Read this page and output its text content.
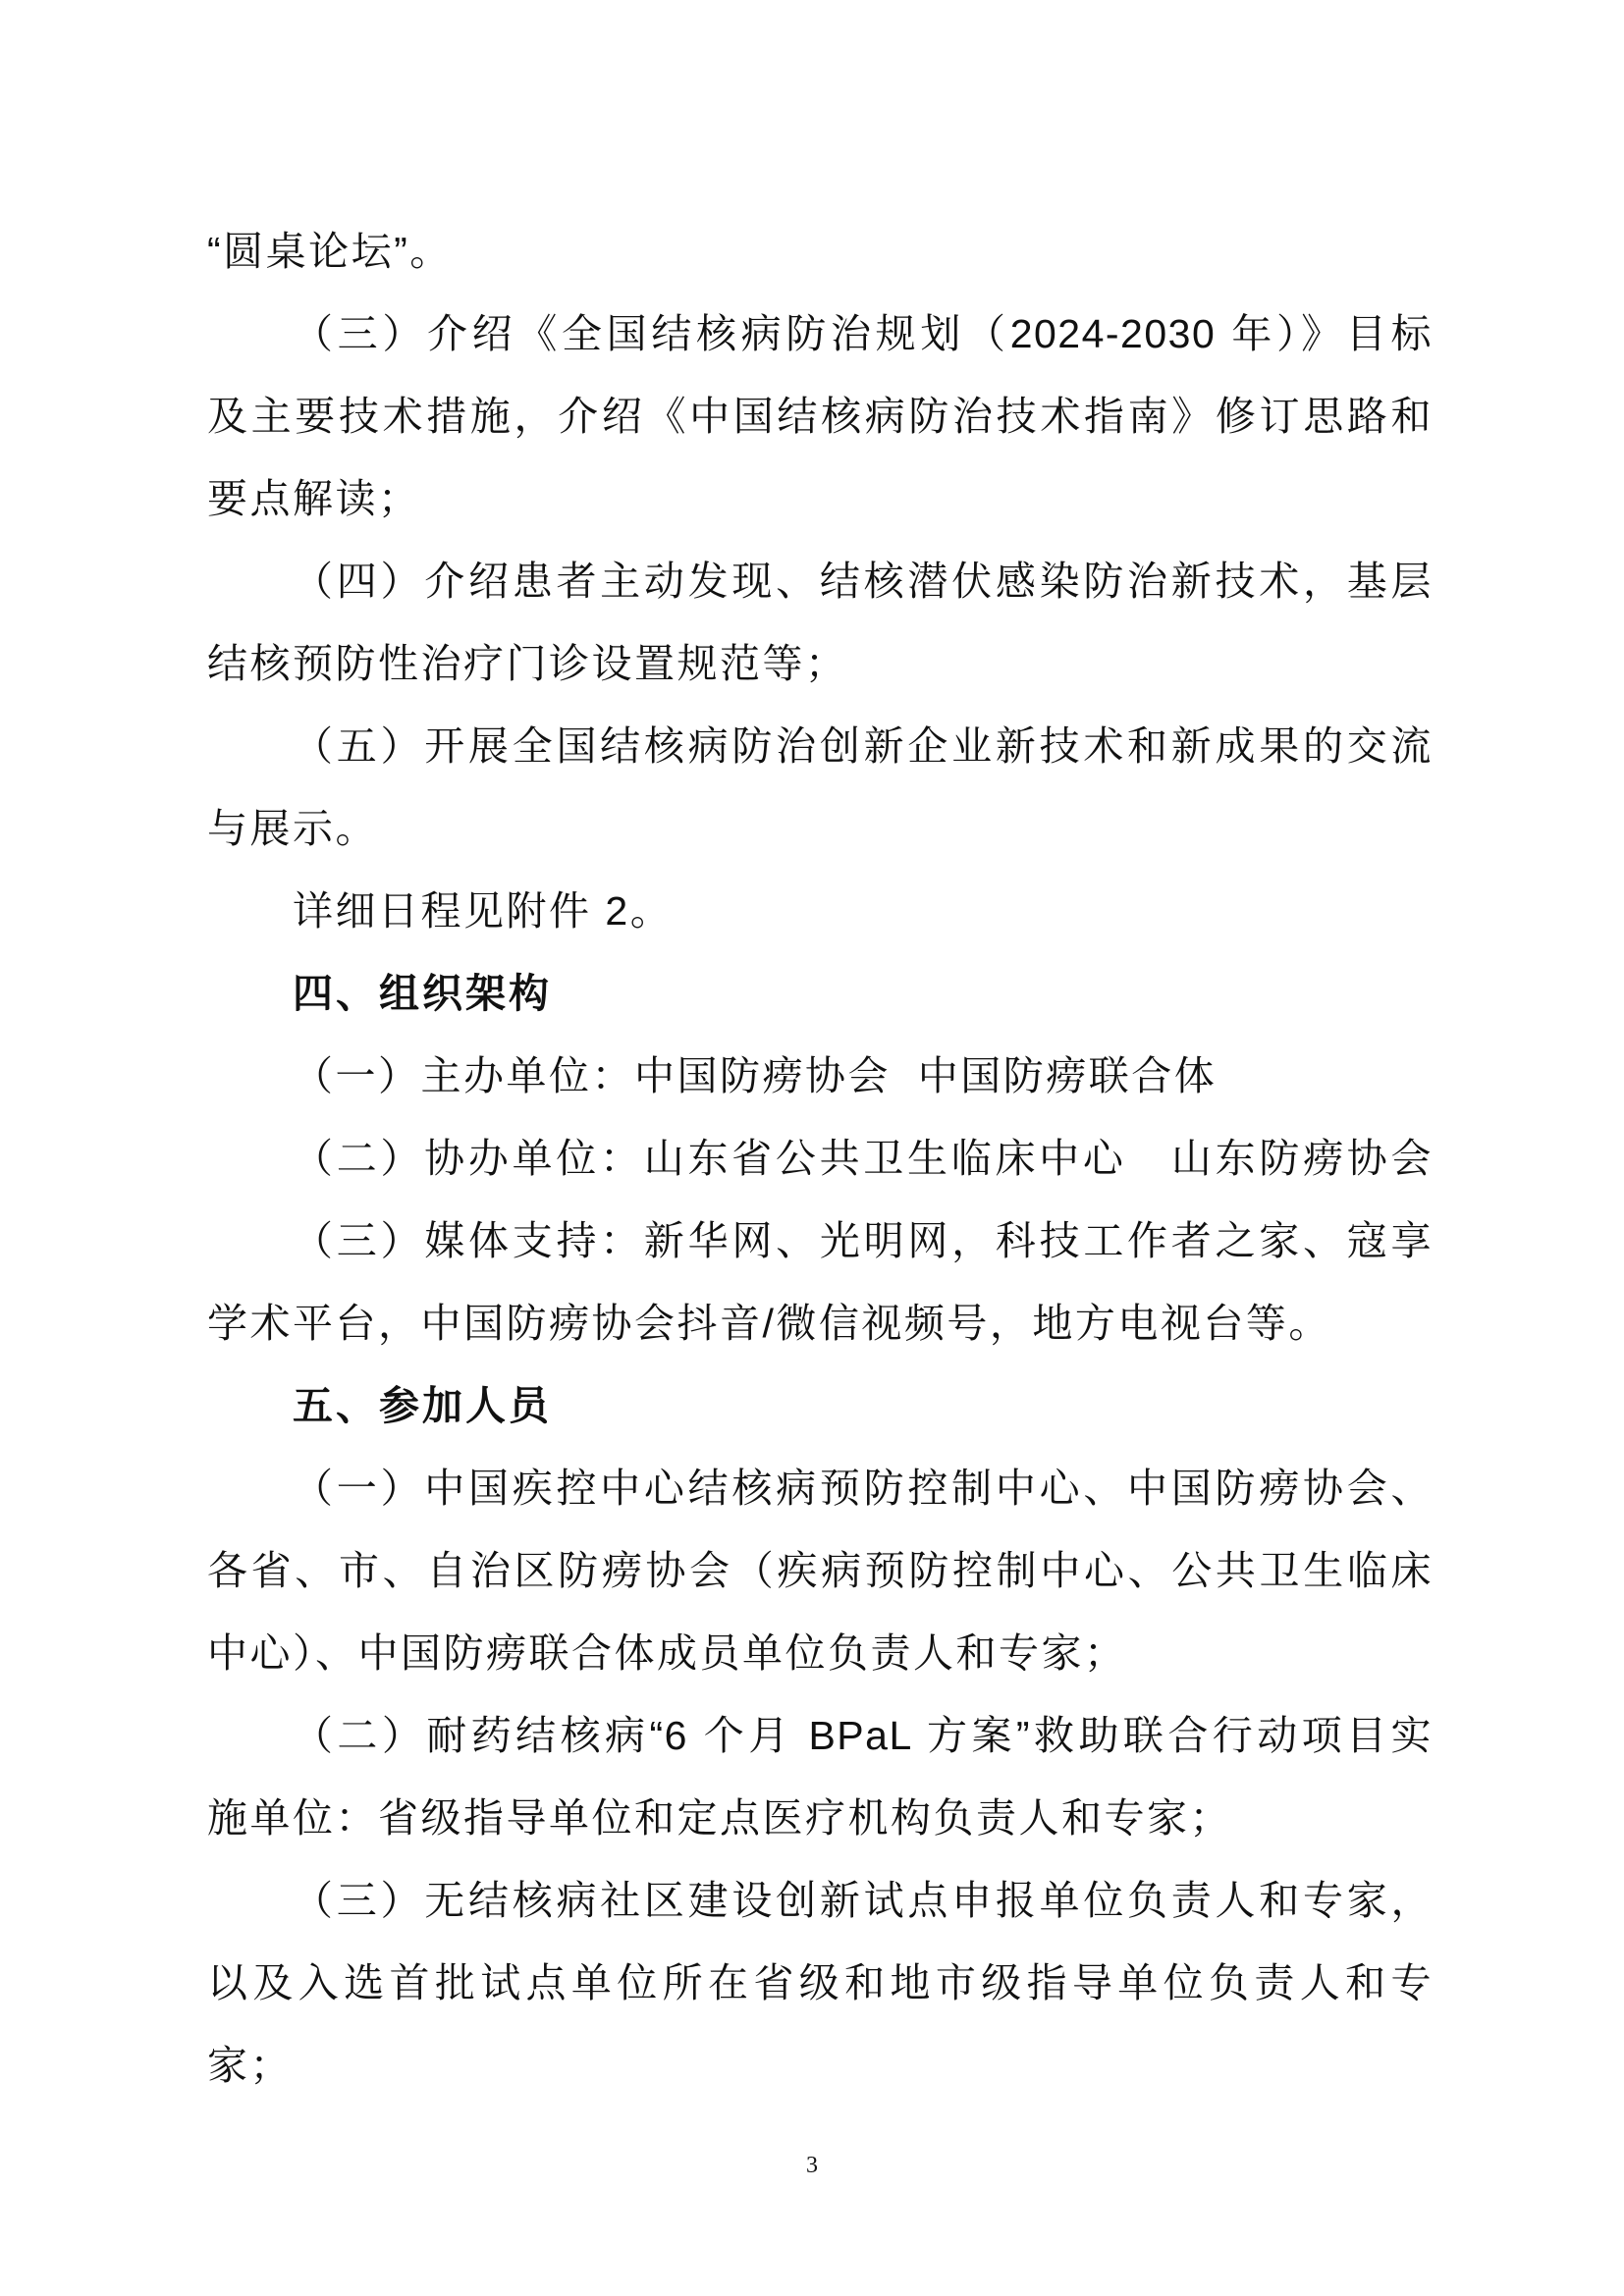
“圆桌论坛”。
（三）介绍《全国结核病防治规划（2024-2030 年）》目标
及主要技术措施，介绍《中国结核病防治技术指南》修订思路和
要点解读；
（四）介绍患者主动发现、结核潜伏感染防治新技术，基层
结核预防性治疗门诊设置规范等；
（五）开展全国结核病防治创新企业新技术和新成果的交流
与展示。
详细日程见附件 2。
四、组织架构
（一）主办单位：中国防痨协会  中国防痨联合体
（二）协办单位：山东省公共卫生临床中心   山东防痨协会
（三）媒体支持：新华网、光明网，科技工作者之家、寇享
学术平台，中国防痨协会抖音/微信视频号，地方电视台等。
五、参加人员
（一）中国疾控中心结核病预防控制中心、中国防痨协会、
各省、市、自治区防痨协会（疾病预防控制中心、公共卫生临床
中心）、中国防痨联合体成员单位负责人和专家；
（二）耐药结核病“6 个月 BPaL 方案”救助联合行动项目实
施单位：省级指导单位和定点医疗机构负责人和专家；
（三）无结核病社区建设创新试点申报单位负责人和专家，
以及入选首批试点单位所在省级和地市级指导单位负责人和专
家；
3
